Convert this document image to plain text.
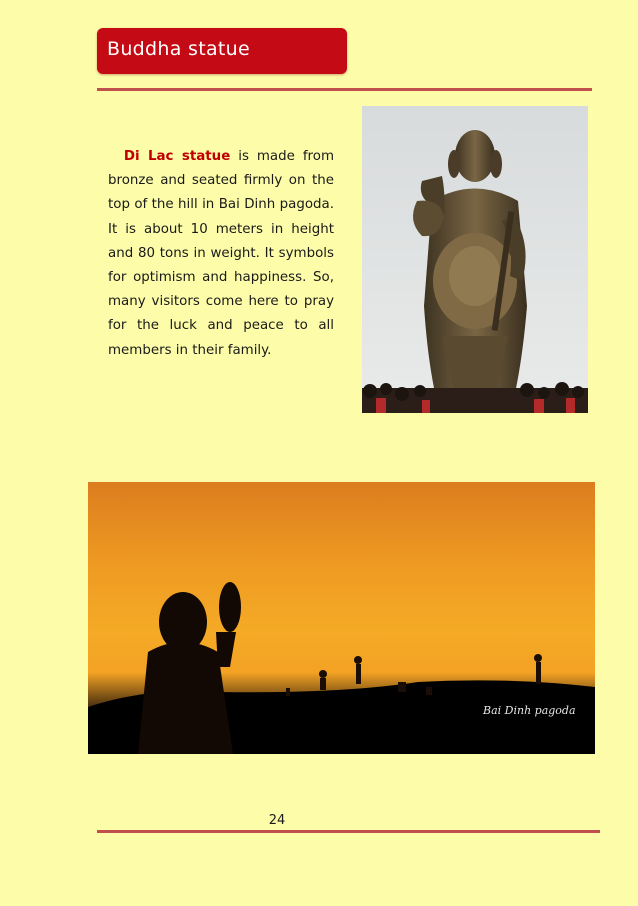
Buddha statue
Di Lac statue is made from bronze and seated firmly on the top of the hill in Bai Dinh pagoda. It is about 10 meters in height and 80 tons in weight. It symbols for optimism and happiness. So, many visitors come here to pray for the luck and peace to all members in their family.
Bai Dinh pagoda
24
